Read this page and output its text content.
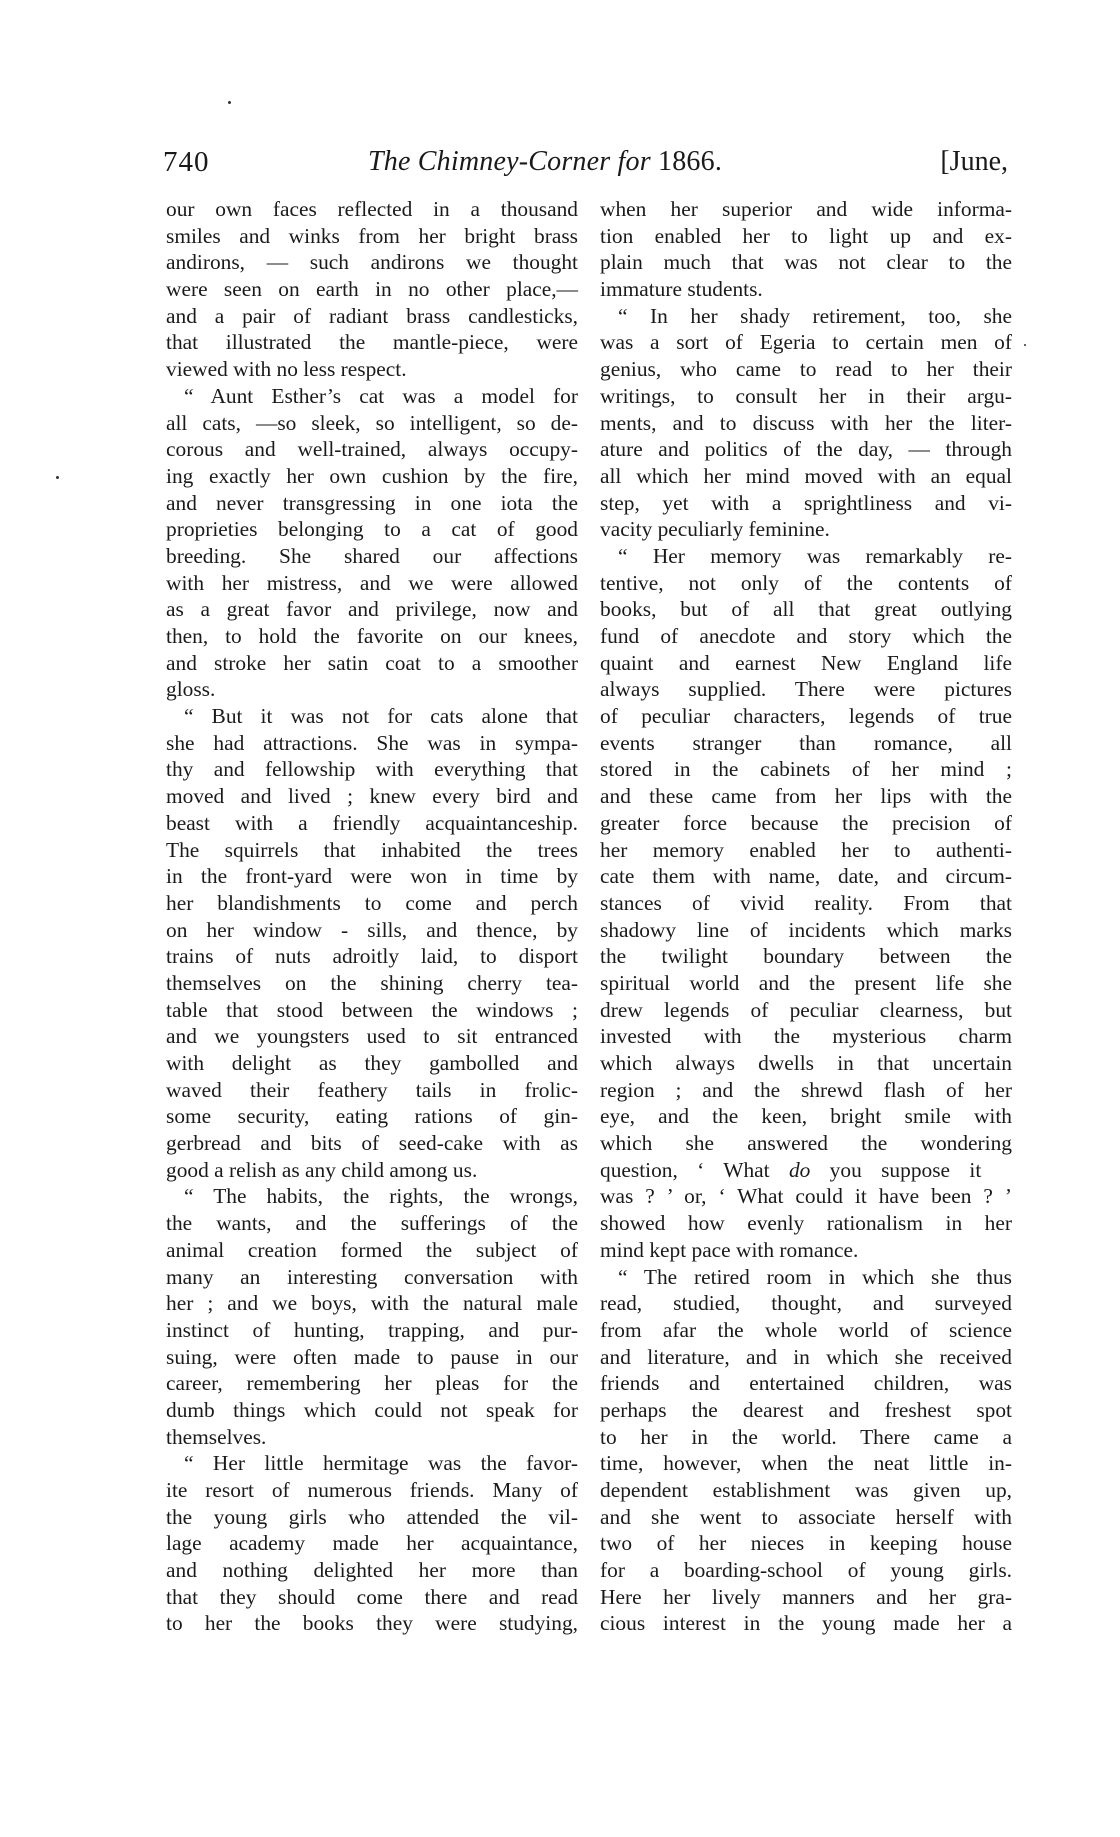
740	The Chimney-Corner for 1866.	[June,
our own faces reflected in a thousand
smiles and winks from her bright brass
andirons, — such andirons we thought
were seen on earth in no other place,—
and a pair of radiant brass candlesticks,
that illustrated the mantle-piece, were
viewed with no less respect.
“ Aunt Esther’s cat was a model for
all cats, —so sleek, so intelligent, so de-
corous and well-trained, always occupy-
ing exactly her own cushion by the fire,
and never transgressing in one iota the
proprieties belonging to a cat of good
breeding. She shared our affections
with her mistress, and we were allowed
as a great favor and privilege, now and
then, to hold the favorite on our knees,
and stroke her satin coat to a smoother
gloss.
“ But it was not for cats alone that
she had attractions. She was in sympa-
thy and fellowship with everything that
moved and lived ; knew every bird and
beast with a friendly acquaintanceship.
The squirrels that inhabited the trees
in the front-yard were won in time by
her blandishments to come and perch
on her window - sills, and thence, by
trains of nuts adroitly laid, to disport
themselves on the shining cherry tea-
table that stood between the windows ;
and we youngsters used to sit entranced
with delight as they gambolled and
waved their feathery tails in frolic-
some security, eating rations of gin-
gerbread and bits of seed-cake with as
good a relish as any child among us.
“ The habits, the rights, the wrongs,
the wants, and the sufferings of the
animal creation formed the subject of
many an interesting conversation with
her ; and we boys, with the natural male
instinct of hunting, trapping, and pur-
suing, were often made to pause in our
career, remembering her pleas for the
dumb things which could not speak for
themselves.
“ Her little hermitage was the favor-
ite resort of numerous friends. Many of
the young girls who attended the vil-
lage academy made her acquaintance,
and nothing delighted her more than
that they should come there and read
to her the books they were studying,
when her superior and wide informa-
tion enabled her to light up and ex-
plain much that was not clear to the
immature students.
“ In her shady retirement, too, she
was a sort of Egeria to certain men of
genius, who came to read to her their
writings, to consult her in their argu-
ments, and to discuss with her the liter-
ature and politics of the day, — through
all which her mind moved with an equal
step, yet with a sprightliness and vi-
vacity peculiarly feminine.
“ Her memory was remarkably re-
tentive, not only of the contents of
books, but of all that great outlying
fund of anecdote and story which the
quaint and earnest New England life
always supplied. There were pictures
of peculiar characters, legends of true
events stranger than romance, all
stored in the cabinets of her mind ;
and these came from her lips with the
greater force because the precision of
her memory enabled her to authenti-
cate them with name, date, and circum-
stances of vivid reality. From that
shadowy line of incidents which marks
the twilight boundary between the
spiritual world and the present life she
drew legends of peculiar clearness, but
invested with the mysterious charm
which always dwells in that uncertain
region ; and the shrewd flash of her
eye, and the keen, bright smile with
which she answered the wondering
question, ‘ What do you suppose it
was ? ’ or, ‘ What could it have been ? ’
showed how evenly rationalism in her
mind kept pace with romance.
“ The retired room in which she thus
read, studied, thought, and surveyed
from afar the whole world of science
and literature, and in which she received
friends and entertained children, was
perhaps the dearest and freshest spot
to her in the world. There came a
time, however, when the neat little in-
dependent establishment was given up,
and she went to associate herself with
two of her nieces in keeping house
for a boarding-school of young girls.
Here her lively manners and her gra-
cious interest in the young made her a
